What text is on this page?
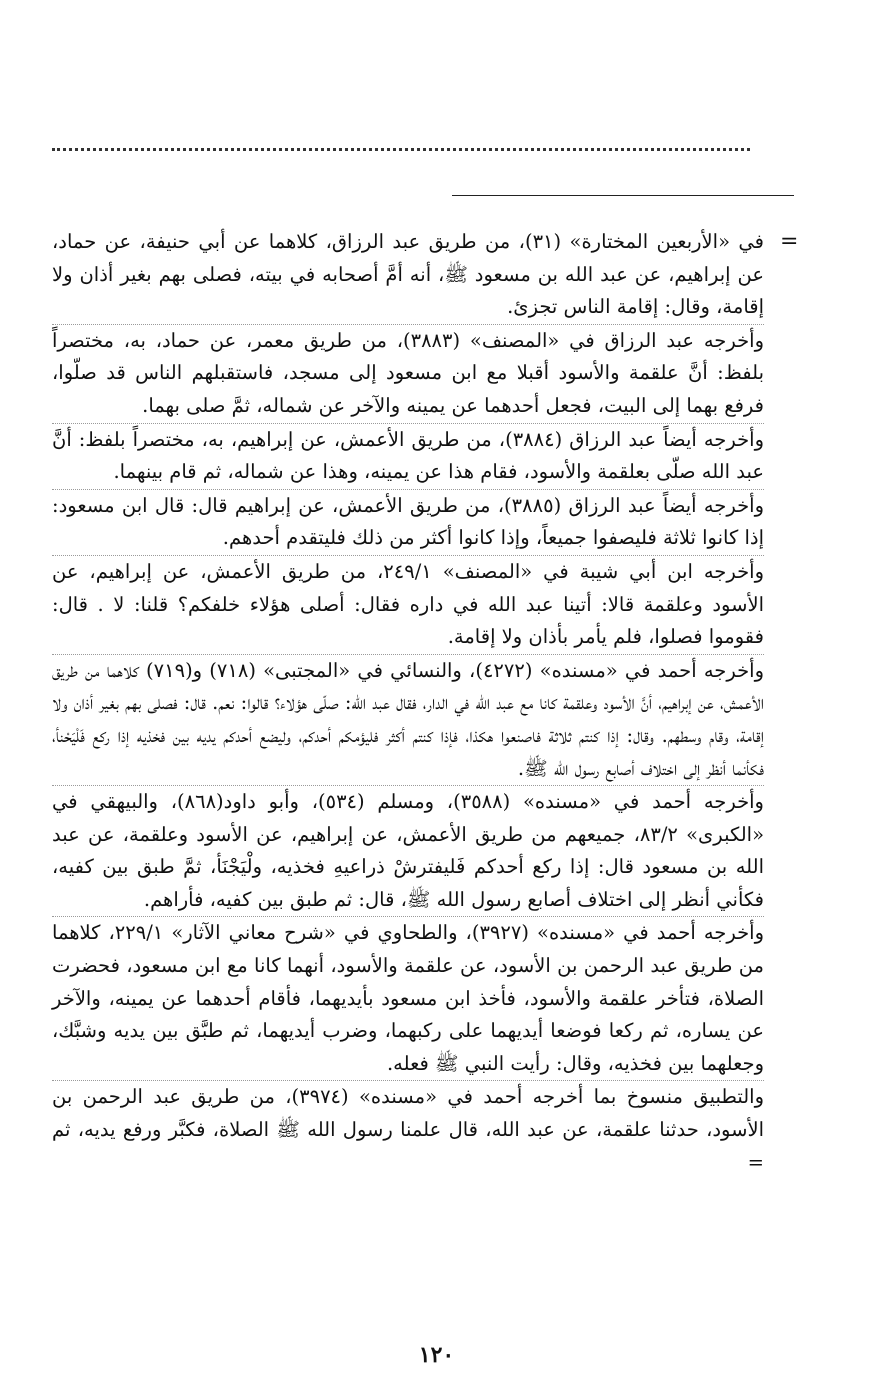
=

في «الأربعين المختارة» (٣١)، من طريق عبد الرزاق، كلاهما عن أبي حنيفة، عن حماد، عن إبراهيم، عن عبد الله بن مسعود ﷺ، أنه أمَّ أصحابه في بيته، فصلى بهم بغير أذان ولا إقامة، وقال: إقامة الناس تجزئ.

وأخرجه عبد الرزاق في «المصنف» (٣٨٨٣)، من طريق معمر، عن حماد، به، مختصراً بلفظ: أنَّ علقمة والأسود أقبلا مع ابن مسعود إلى مسجد، فاستقبلهم الناس قد صلّوا، فرفع بهما إلى البيت، فجعل أحدهما عن يمينه والآخر عن شماله، ثمَّ صلى بهما.

وأخرجه أيضاً عبد الرزاق (٣٨٨٤)، من طريق الأعمش، عن إبراهيم، به، مختصراً بلفظ: أنَّ عبد الله صلّى بعلقمة والأسود، فقام هذا عن يمينه، وهذا عن شماله، ثم قام بينهما.

وأخرجه أيضاً عبد الرزاق (٣٨٨٥)، من طريق الأعمش، عن إبراهيم قال: قال ابن مسعود: إذا كانوا ثلاثة فليصفوا جميعاً، وإذا كانوا أكثر من ذلك فليتقدم أحدهم.

وأخرجه ابن أبي شيبة في «المصنف» ٢٤٩/١، من طريق الأعمش، عن إبراهيم، عن الأسود وعلقمة قالا: أتينا عبد الله في داره فقال: أصلى هؤلاء خلفكم؟ قلنا: لا . قال: فقوموا فصلوا، فلم يأمر بأذان ولا إقامة.

وأخرجه أحمد في «مسنده» (٤٢٧٢)، والنسائي في «المجتبى» (٧١٨) و(٧١٩) كلاهما من طريق الأعمش، عن إبراهيم، أنَّ الأسود وعلقمة كانا مع عبد الله في الدار، فقال عبد الله: صلّى هؤلاء؟ قالوا: نعم. قال: فصلى بهم بغير أذان ولا إقامة، وقام وسطهم. وقال: إذا كنتم ثلاثة فاصنعوا هكذا، فإذا كنتم أكثر فليؤمكم أحدكم، وليضع أحدكم يديه بين فخذيه إذا ركع فَلْيَحْنأ، فكأنما أنظر إلى اختلاف أصابع رسول الله ﷺ.

وأخرجه أحمد في «مسنده» (٣٥٨٨)، ومسلم (٥٣٤)، وأبو داود(٨٦٨)، والبيهقي في «الكبرى» ٨٣/٢، جميعهم من طريق الأعمش، عن إبراهيم، عن الأسود وعلقمة، عن عبد الله بن مسعود قال: إذا ركع أحدكم فَليفترشْ ذراعيهِ فخذيه، ولْيَجْنَأ، ثمَّ طبق بين كفيه، فكأني أنظر إلى اختلاف أصابع رسول الله ﷺ، قال: ثم طبق بين كفيه، فأراهم.

وأخرجه أحمد في «مسنده» (٣٩٢٧)، والطحاوي في «شرح معاني الآثار» ٢٢٩/١، كلاهما من طريق عبد الرحمن بن الأسود، عن علقمة والأسود، أنهما كانا مع ابن مسعود، فحضرت الصلاة، فتأخر علقمة والأسود، فأخذ ابن مسعود بأيديهما، فأقام أحدهما عن يمينه، والآخر عن يساره، ثم ركعا فوضعا أيديهما على ركبهما، وضرب أيديهما، ثم طبَّق بين يديه وشبَّك، وجعلهما بين فخذيه، وقال: رأيت النبي ﷺ فعله.

والتطبيق منسوخ بما أخرجه أحمد في «مسنده» (٣٩٧٤)، من طريق عبد الرحمن بن الأسود، حدثنا علقمة، عن عبد الله، قال علمنا رسول الله ﷺ الصلاة، فكبَّر ورفع يديه، ثم =

١٢٠
